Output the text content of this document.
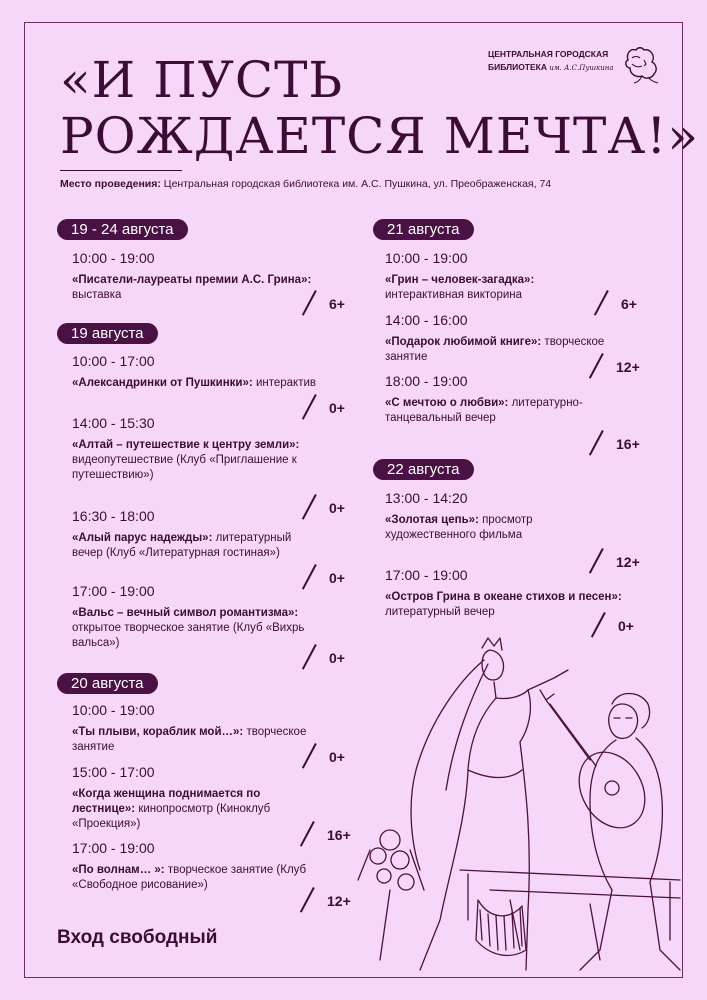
«И ПУСТЬ
РОЖДАЕТСЯ МЕЧТА!»
ЦЕНТРАЛЬНАЯ ГОРОДСКАЯ
БИБЛИОТЕКА им. А.С.Пушкина
Место проведения: Центральная городская библиотека им. А.С. Пушкина, ул. Преображенская, 74
19 - 24 августа
10:00 - 19:00
«Писатели-лауреаты премии А.С. Грина»: выставка
6+
19 августа
10:00 - 17:00
«Александринки от Пушкинки»: интерактив
0+
14:00 - 15:30
«Алтай – путешествие к центру земли»: видеопутешествие (Клуб «Приглашение к путешествию»)
0+
16:30 - 18:00
«Алый парус надежды»: литературный вечер (Клуб «Литературная гостиная»)
0+
17:00 - 19:00
«Вальс – вечный символ романтизма»: открытое творческое занятие (Клуб «Вихрь вальса»)
0+
20 августа
10:00 - 19:00
«Ты плыви, кораблик мой…»: творческое занятие
0+
15:00 - 17:00
«Когда женщина поднимается по лестнице»: кинопросмотр (Киноклуб «Проекция»)
16+
17:00 - 19:00
«По волнам… »: творческое занятие (Клуб «Свободное рисование»)
12+
21 августа
10:00 - 19:00
«Грин – человек-загадка»: интерактивная викторина
6+
14:00 - 16:00
«Подарок любимой книге»: творческое занятие
12+
18:00 - 19:00
«С мечтою о любви»: литературно-танцевальный вечер
16+
22 августа
13:00 - 14:20
«Золотая цепь»: просмотр художественного фильма
12+
17:00 - 19:00
«Остров Грина в океане стихов и песен»: литературный вечер
0+
Вход свободный
